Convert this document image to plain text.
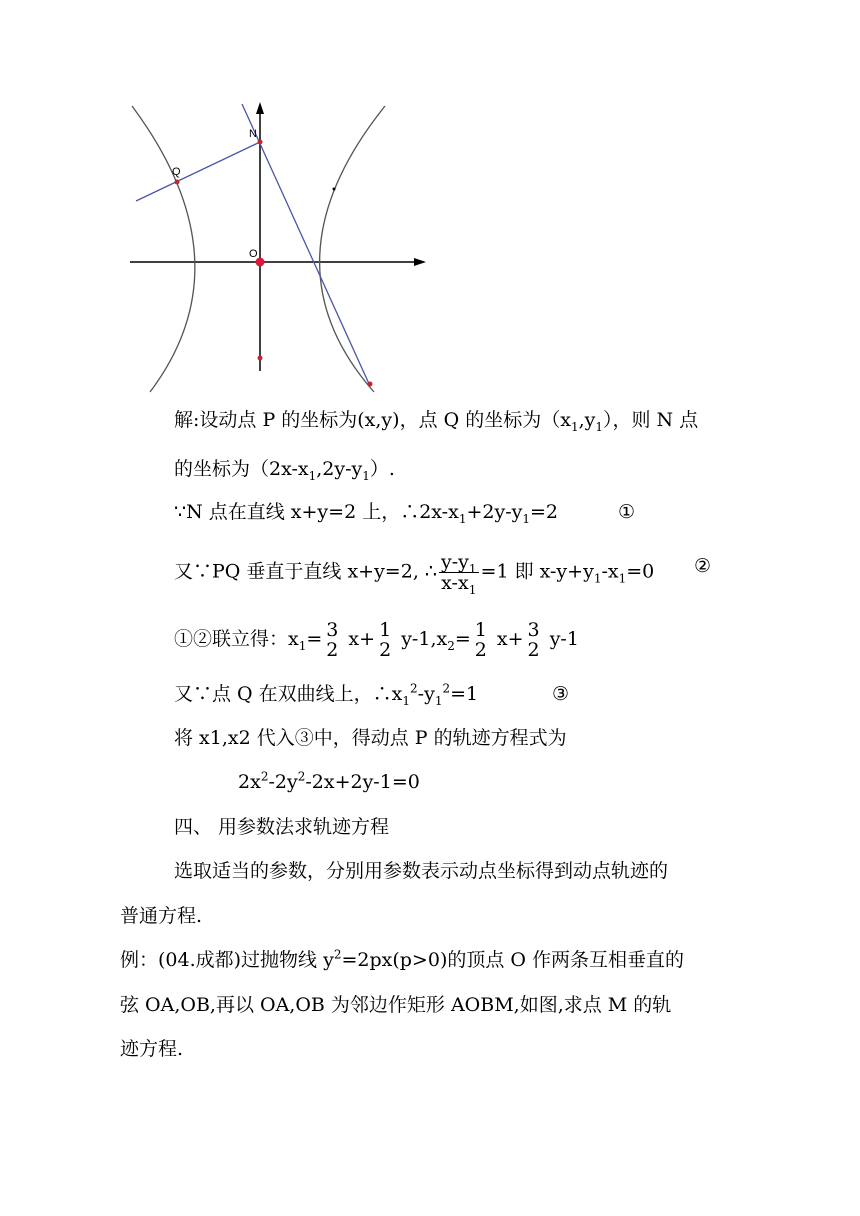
N
Q
O
解:设动点 P 的坐标为(x,y)，点 Q 的坐标为$(x_1,y_1)$，则 N 点
的坐标为$(2x-x_1,2y-y_1)$.
∵N 点在直线 x+y=2 上，$\therefore 2x-x_1+2y-y_1=2$	①
又∵PQ 垂直于直线 x+y=2, ∴ $\frac{y-y_1}{x-x_1} =1$ 即 $x-y+y_1-x_1=0$ ②
①②联立得：$x_1= 3$
2 x+ 1
2 $y-1,x_2= 1$
2 x+ 3
2 y-1
又∵点 Q 在双曲线上，$\therefore x_1^2-y_1^2=1$	③
将 x1,x2 代入③中，得动点 P 的轨迹方程式为
$2x^2-2y^2-2x+2y-1=0$
四、 用参数法求轨迹方程
选取适当的参数，分别用参数表示动点坐标得到动点轨迹的
普通方程.
例：(04.成都)过抛物线 $y^2=2px(p>0)$的顶点 O 作两条互相垂直的
弦 OA,OB,再以 OA,OB 为邻边作矩形 AOBM,如图,求点 M 的轨
迹方程.
